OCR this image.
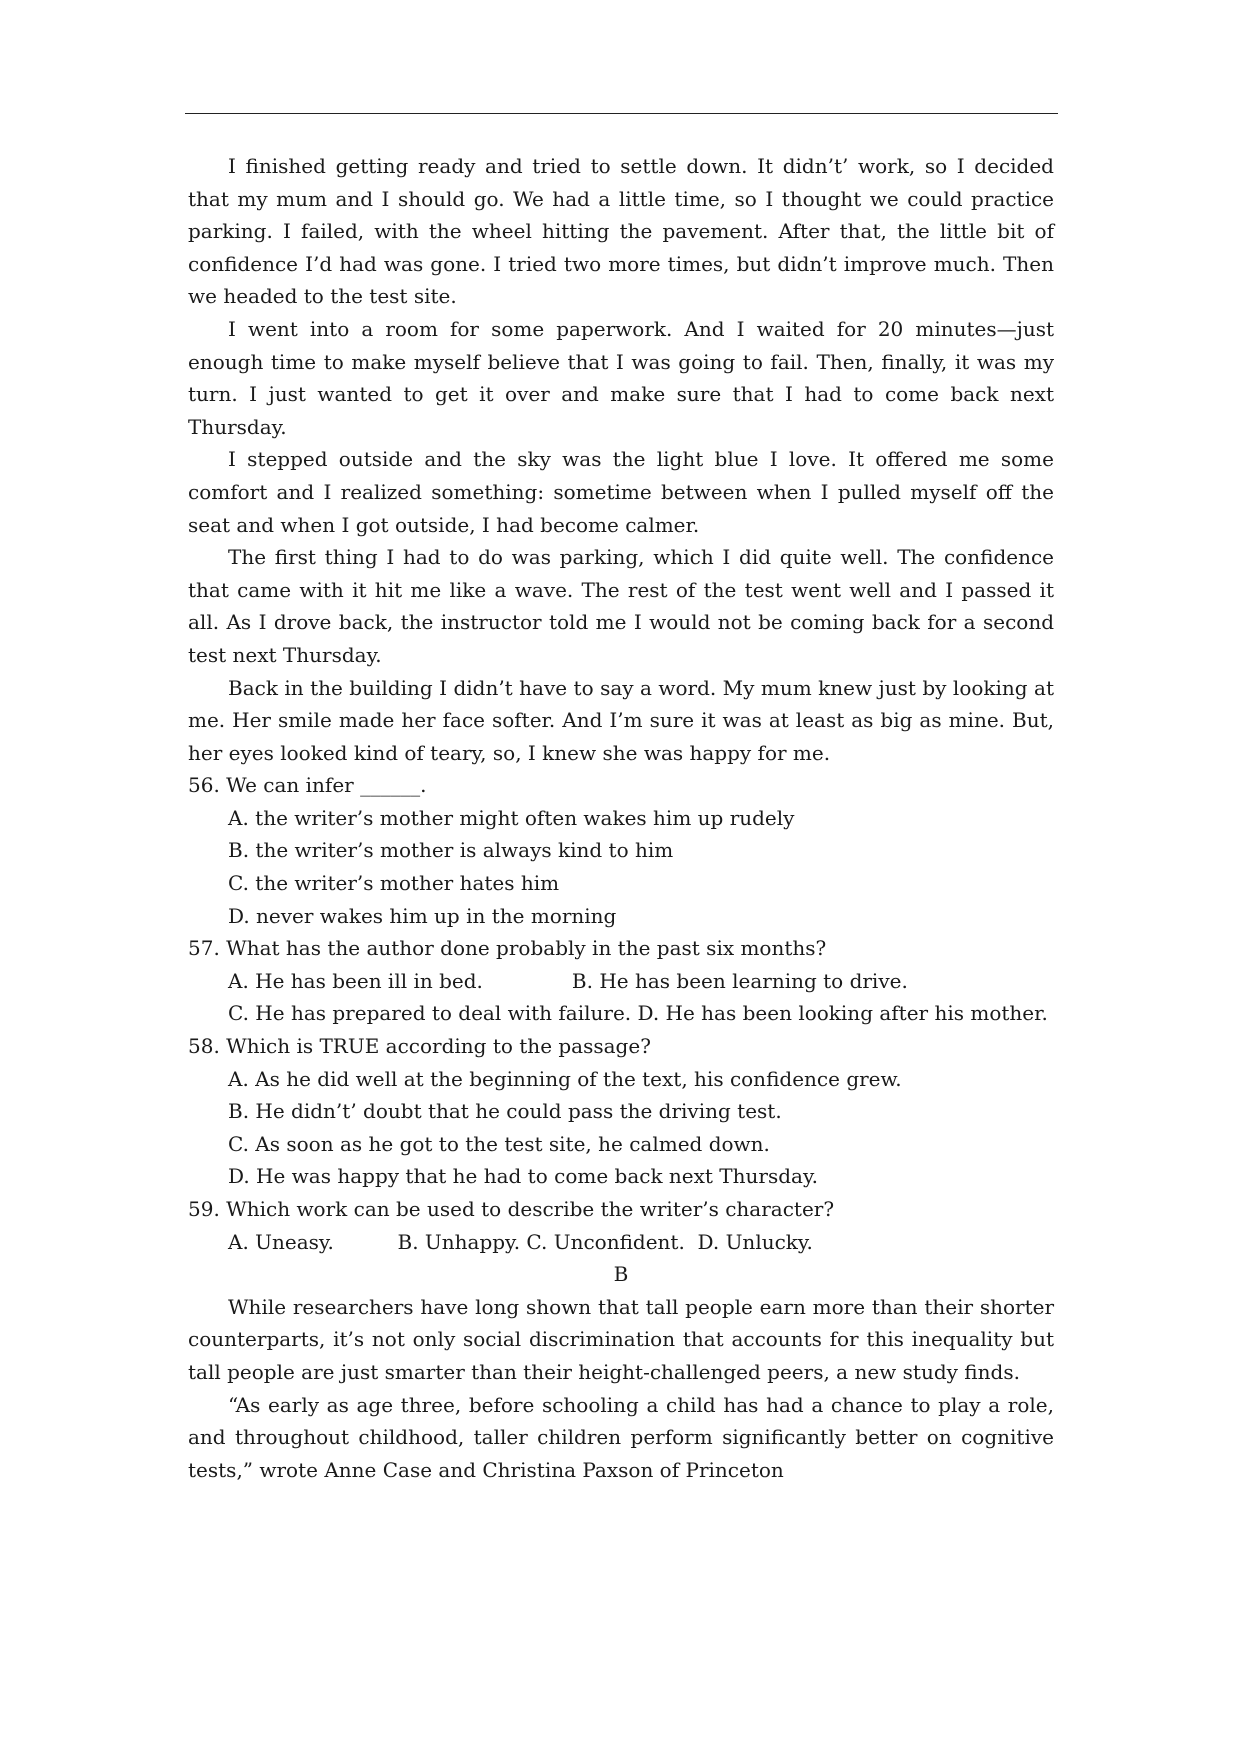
I finished getting ready and tried to settle down. It didn’t’ work, so I decided that my mum and I should go. We had a little time, so I thought we could practice parking. I failed, with the wheel hitting the pavement. After that, the little bit of confidence I’d had was gone. I tried two more times, but didn’t improve much. Then we headed to the test site.

I went into a room for some paperwork. And I waited for 20 minutes—just enough time to make myself believe that I was going to fail. Then, finally, it was my turn. I just wanted to get it over and make sure that I had to come back next Thursday.

I stepped outside and the sky was the light blue I love. It offered me some comfort and I realized something: sometime between when I pulled myself off the seat and when I got outside, I had become calmer.

The first thing I had to do was parking, which I did quite well. The confidence that came with it hit me like a wave. The rest of the test went well and I passed it all. As I drove back, the instructor told me I would not be coming back for a second test next Thursday.

Back in the building I didn’t have to say a word. My mum knew just by looking at me. Her smile made her face softer. And I’m sure it was at least as big as mine. But, her eyes looked kind of teary, so, I knew she was happy for me.

56. We can infer ______.

A. the writer’s mother might often wakes him up rudely

B. the writer’s mother is always kind to him

C. the writer’s mother hates him

D. never wakes him up in the morning

57. What has the author done probably in the past six months?

A. He has been ill in bed.              B. He has been learning to drive.

C. He has prepared to deal with failure. D. He has been looking after his mother.

58. Which is TRUE according to the passage?

A. As he did well at the beginning of the text, his confidence grew.

B. He didn’t’ doubt that he could pass the driving test.

C. As soon as he got to the test site, he calmed down.

D. He was happy that he had to come back next Thursday.

59. Which work can be used to describe the writer’s character?

A. Uneasy.          B. Unhappy. C. Unconfident.  D. Unlucky.

B

While researchers have long shown that tall people earn more than their shorter counterparts, it’s not only social discrimination that accounts for this inequality but tall people are just smarter than their height-challenged peers, a new study finds.

“As early as age three, before schooling a child has had a chance to play a role, and throughout childhood, taller children perform significantly better on cognitive tests,” wrote Anne Case and Christina Paxson of Princeton
